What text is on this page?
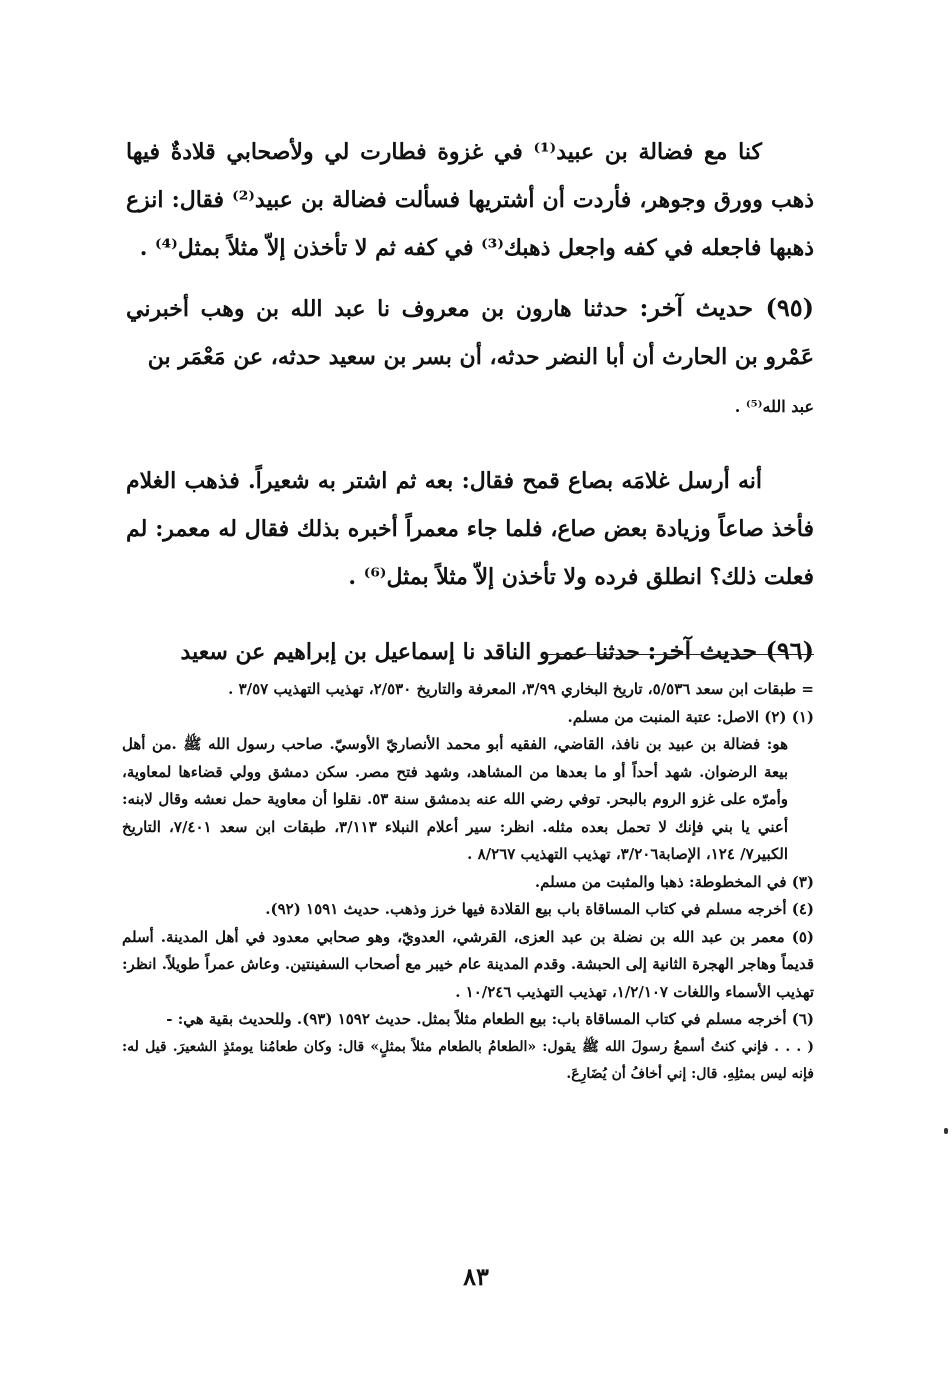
كنا مع فضالة بن عبيد⁽¹⁾ في غزوة فطارت لي ولأصحابي قلادةٌ فيها ذهب وورق وجوهر، فأردت أن أشتريها فسألت فضالة بن عبيد⁽²⁾ فقال: انزع ذهبها فاجعله في كفه واجعل ذهبك⁽³⁾ في كفه ثم لا تأخذن إلاّ مثلاً بمثل⁽⁴⁾ .

(٩٥) حديث آخر: حدثنا هارون بن معروف نا عبد الله بن وهب أخبرني عَمْرو بن الحارث أن أبا النضر حدثه، أن بسر بن سعيد حدثه، عن مَعْمَر بن
عبد الله⁽⁵⁾ .

أنه أرسل غلامَه بصاع قمح فقال: بعه ثم اشتر به شعيراً. فذهب الغلام فأخذ صاعاً وزيادة بعض صاع، فلما جاء معمراً أخبره بذلك فقال له معمر: لم فعلت ذلك؟ انطلق فرده ولا تأخذن إلاّ مثلاً بمثل⁽⁶⁾ .

(٩٦) حديث آخر: حدثنا عمرو الناقد نا إسماعيل بن إبراهيم عن سعيد

= طبقات ابن سعد ٥/٥٣٦، تاريخ البخاري ٣/٩٩، المعرفة والتاريخ ٢/٥٣٠، تهذيب التهذيب ٣/٥٧ .

(١) (٢) الاصل: عتبة المنبت من مسلم.

هو: فضالة بن عبيد بن نافذ، القاضي، الفقيه أبو محمد الأنصاريّ الأوسيّ. صاحب رسول الله ﷺ .من أهل بيعة الرضوان. شهد أحداً أو ما بعدها من المشاهد، وشهد فتح مصر. سكن دمشق وولي قضاءها لمعاوية، وأمرّه على غزو الروم بالبحر. توفي رضي الله عنه بدمشق سنة ٥٣. نقلوا أن معاوية حمل نعشه وقال لابنه: أعني يا بني فإنك لا تحمل بعده مثله. انظر: سير أعلام النبلاء ٣/١١٣، طبقات ابن سعد ٧/٤٠١، التاريخ الكبير٧/ ١٢٤، الإصابة٣/٢٠٦، تهذيب التهذيب ٨/٢٦٧ .

(٣) في المخطوطة: ذهبا والمثبت من مسلم.

(٤) أخرجه مسلم في كتاب المساقاة باب بيع القلادة فيها خرز وذهب. حديث ١٥٩١ (٩٢).

(٥) معمر بن عبد الله بن نضلة بن عبد العزى، القرشي، العدويّ، وهو صحابي معدود في أهل المدينة. أسلم قديماً وهاجر الهجرة الثانية إلى الحبشة. وقدم المدينة عام خيبر مع أصحاب السفينتين. وعاش عمراً طويلاً. انظر: تهذيب الأسماء واللغات ١/٢/١٠٧، تهذيب التهذيب ١٠/٢٤٦ .

(٦) أخرجه مسلم في كتاب المساقاة باب: بيع الطعام مثلاً بمثل. حديث ١٥٩٢ (٩٣). وللحديث بقية هي: -

( . . . فإني كنتُ أسمعُ رسولَ الله ﷺ يقول: «الطعامُ بالطعام مثلاً بمثلٍ» قال: وكان طعامُنا يومئذٍ الشعيرَ. قيل له: فإنه ليس بمثلِهِ. قال: إني أخافُ أن يُضَارِعَ.

٨٣
